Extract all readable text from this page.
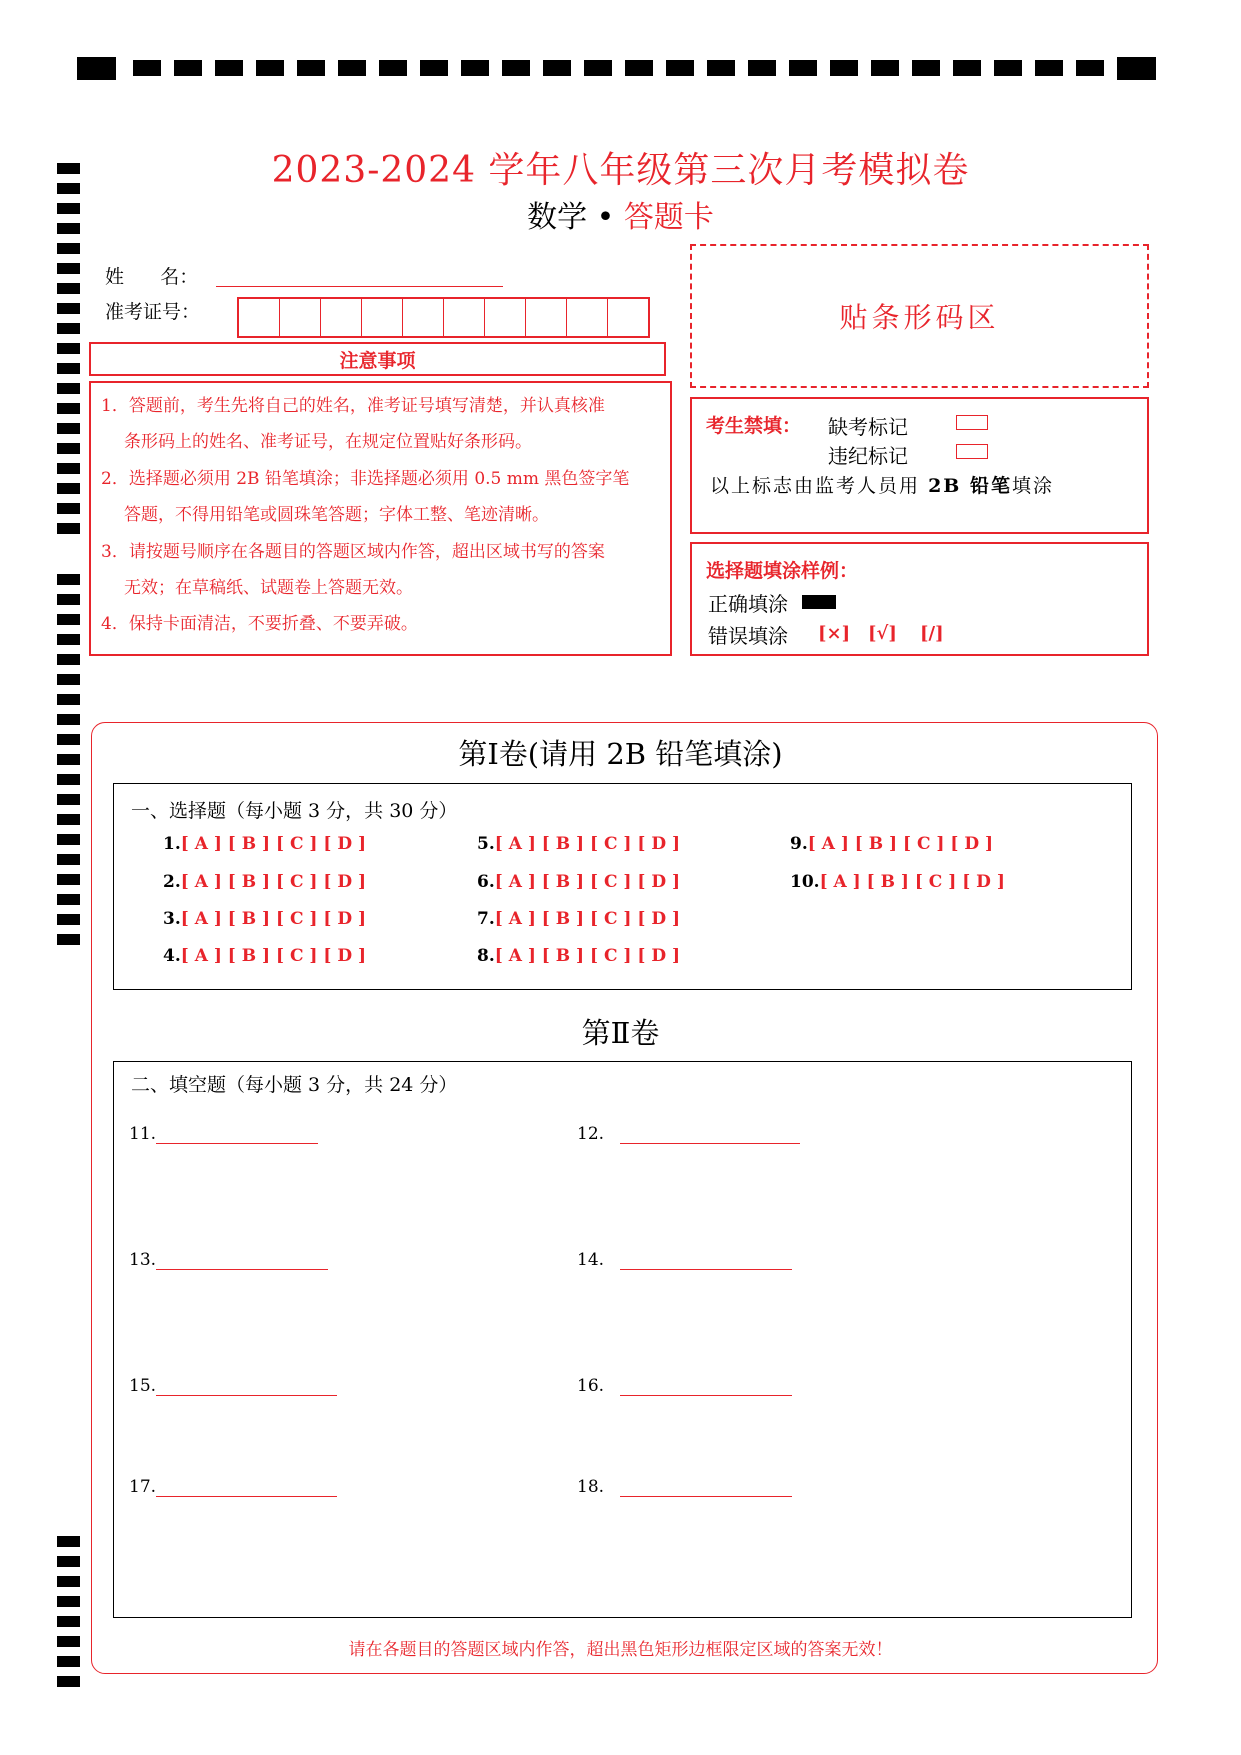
2023-2024 学年八年级第三次月考模拟卷
数学 • 答题卡
姓      名：
准考证号：
注意事项

1．答题前，考生先将自己的姓名，准考证号填写清楚，并认真核准

条形码上的姓名、准考证号，在规定位置贴好条形码。

2．选择题必须用 2B 铅笔填涂；非选择题必须用 0.5 mm 黑色签字笔

答题，不得用铅笔或圆珠笔答题；字体工整、笔迹清晰。

3．请按题号顺序在各题目的答题区域内作答，超出区域书写的答案

无效；在草稿纸、试题卷上答题无效。

4．保持卡面清洁，不要折叠、不要弄破。

贴条形码区
考生禁填： 缺考标记
违纪标记
以上标志由监考人员用 2B 铅笔填涂
选择题填涂样例：
正确填涂
错误填涂 [×] [√] [/]
第Ⅰ卷(请用 2B 铅笔填涂)
一、选择题（每小题 3 分，共 30 分）
1.[ A ] [ B ] [ C ] [ D ]
2.[ A ] [ B ] [ C ] [ D ]
3.[ A ] [ B ] [ C ] [ D ]
4.[ A ] [ B ] [ C ] [ D ]
5.[ A ] [ B ] [ C ] [ D ]
6.[ A ] [ B ] [ C ] [ D ]
7.[ A ] [ B ] [ C ] [ D ]
8.[ A ] [ B ] [ C ] [ D ]
9.[ A ] [ B ] [ C ] [ D ]
10.[ A ] [ B ] [ C ] [ D ]
第Ⅱ卷
二、填空题（每小题 3 分，共 24 分）
11.	12.
13.	14.
15.	16.
17.	18.
请在各题目的答题区域内作答，超出黑色矩形边框限定区域的答案无效！
